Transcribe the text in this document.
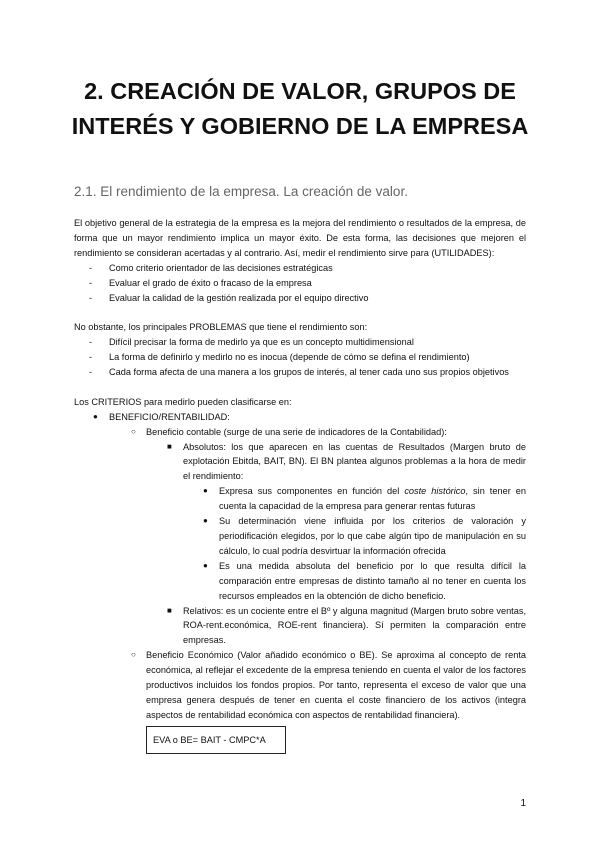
2. CREACIÓN DE VALOR, GRUPOS DE INTERÉS Y GOBIERNO DE LA EMPRESA
2.1. El rendimiento de la empresa. La creación de valor.

El objetivo general de la estrategia de la empresa es la mejora del rendimiento o resultados de la empresa, de forma que un mayor rendimiento implica un mayor éxito. De esta forma, las decisiones que mejoren el rendimiento se consideran acertadas y al contrario. Así, medir el rendimiento sirve para (UTILIDADES):

- Como criterio orientador de las decisiones estratégicas
- Evaluar el grado de éxito o fracaso de la empresa
- Evaluar la calidad de la gestión realizada por el equipo directivo

No obstante, los principales PROBLEMAS que tiene el rendimiento son:

- Difícil precisar la forma de medirlo ya que es un concepto multidimensional
- La forma de definirlo y medirlo no es inocua (depende de cómo se defina el rendimiento)
- Cada forma afecta de una manera a los grupos de interés, al tener cada uno sus propios objetivos

Los CRITERIOS para medirlo pueden clasificarse en:

● BENEFICIO/RENTABILIDAD:
○ Beneficio contable (surge de una serie de indicadores de la Contabilidad):
■ Absolutos: los que aparecen en las cuentas de Resultados (Margen bruto de explotación Ebitda, BAIT, BN). El BN plantea algunos problemas a la hora de medir el rendimiento:
● Expresa sus componentes en función del coste histórico, sin tener en cuenta la capacidad de la empresa para generar rentas futuras
● Su determinación viene influida por los criterios de valoración y periodificación elegidos, por lo que cabe algún tipo de manipulación en su cálculo, lo cual podría desvirtuar la información ofrecida
● Es una medida absoluta del beneficio por lo que resulta difícil la comparación entre empresas de distinto tamaño al no tener en cuenta los recursos empleados en la obtención de dicho beneficio.
■ Relativos: es un cociente entre el Bº y alguna magnitud (Margen bruto sobre ventas, ROA-rent.económica, ROE-rent financiera). Sí permiten la comparación entre empresas.
○ Beneficio Económico (Valor añadido económico o BE). Se aproxima al concepto de renta económica, al reflejar el excedente de la empresa teniendo en cuenta el valor de los factores productivos incluidos los fondos propios. Por tanto, representa el exceso de valor que una empresa genera después de tener en cuenta el coste financiero de los activos (integra aspectos de rentabilidad económica con aspectos de rentabilidad financiera).
EVA o BE= BAIT - CMPC*A
1
